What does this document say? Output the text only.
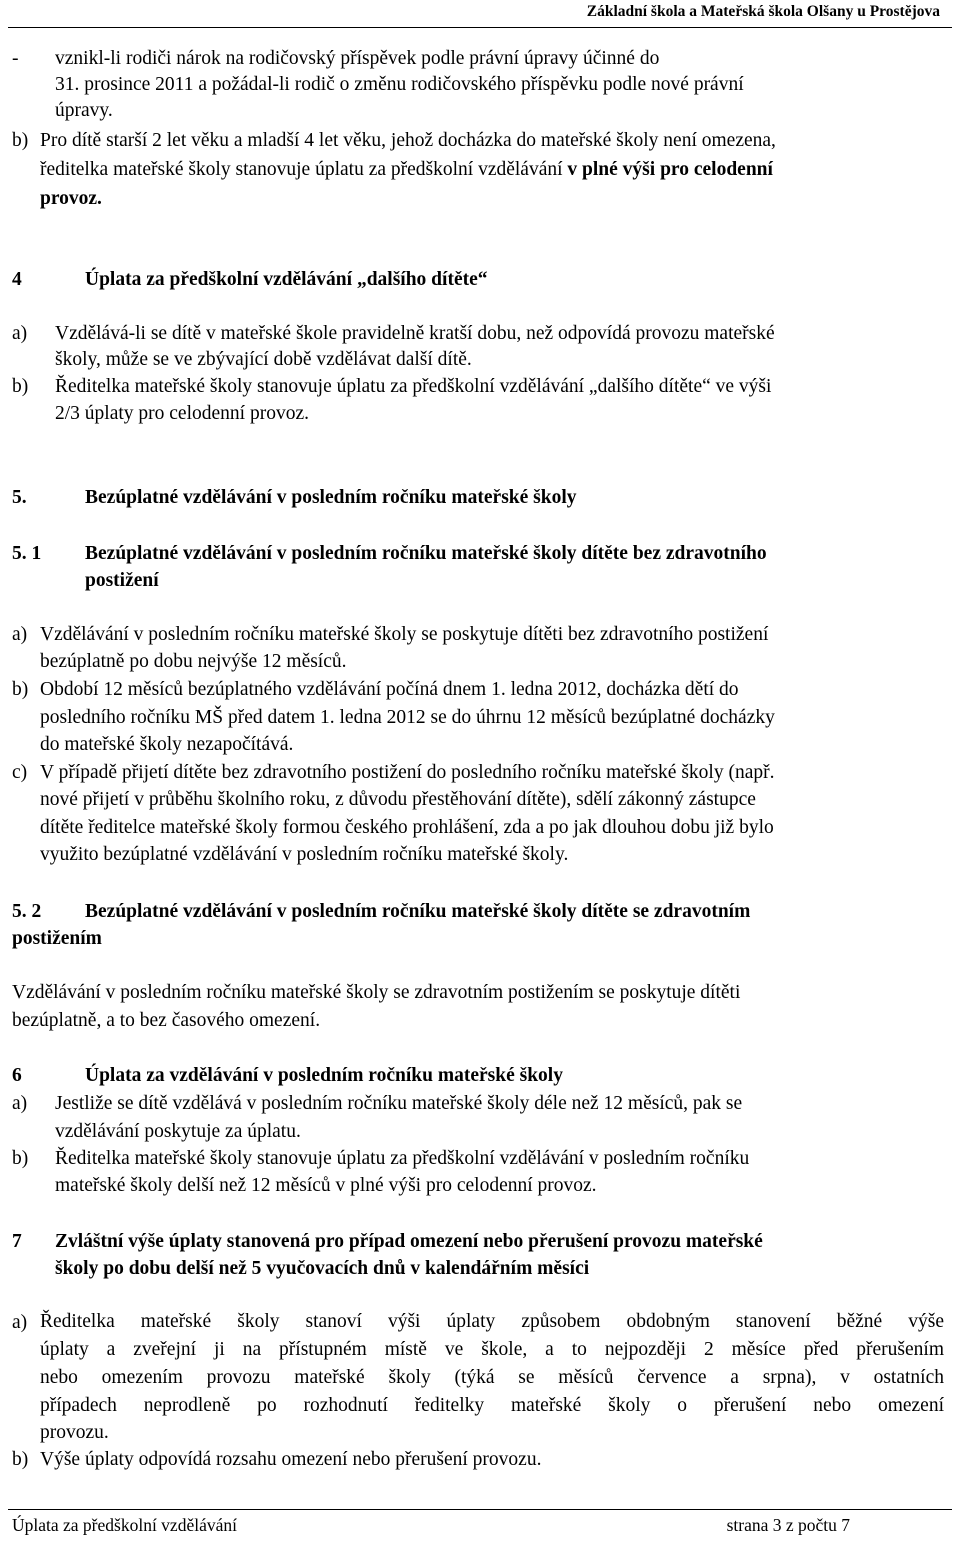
Základní škola a Mateřská škola Olšany u Prostějova
- vznikl-li rodiči nárok na rodičovský příspěvek podle právní úpravy účinné do
31. prosince 2011 a požádal-li rodič o změnu rodičovského příspěvku podle nové právní
úpravy.
b) Pro dítě starší 2 let věku a mladší 4 let věku, jehož docházka do mateřské školy není omezena,
ředitelka mateřské školy stanovuje úplatu za předškolní vzdělávání v plné výši pro celodenní
provoz.
4	Úplata za předškolní vzdělávání „dalšího dítěte“
a) Vzdělává-li se dítě v mateřské škole pravidelně kratší dobu, než odpovídá provozu mateřské
školy, může se ve zbývající době vzdělávat další dítě.
b) Ředitelka mateřské školy stanovuje úplatu za předškolní vzdělávání „dalšího dítěte“ ve výši
2/3 úplaty pro celodenní provoz.
5.	Bezúplatné vzdělávání v posledním ročníku mateřské školy
5. 1 Bezúplatné vzdělávání v posledním ročníku mateřské školy dítěte bez zdravotního
postižení
a) Vzdělávání v posledním ročníku mateřské školy se poskytuje dítěti bez zdravotního postižení
bezúplatně po dobu nejvýše 12 měsíců.
b) Období 12 měsíců bezúplatného vzdělávání počíná dnem 1. ledna 2012, docházka dětí do
posledního ročníku MŠ před datem 1. ledna 2012 se do úhrnu 12 měsíců bezúplatné docházky
do mateřské školy nezapočítává.
c) V případě přijetí dítěte bez zdravotního postižení do posledního ročníku mateřské školy (např.
nové přijetí v průběhu školního roku, z důvodu přestěhování dítěte), sdělí zákonný zástupce
dítěte ředitelce mateřské školy formou českého prohlášení, zda a po jak dlouhou dobu již bylo
využito bezúplatné vzdělávání v posledním ročníku mateřské školy.
5. 2 Bezúplatné vzdělávání v posledním ročníku mateřské školy dítěte se zdravotním
postižením
Vzdělávání v posledním ročníku mateřské školy se zdravotním postižením se poskytuje dítěti
bezúplatně, a to bez časového omezení.
6	Úplata za vzdělávání v posledním ročníku mateřské školy
a) Jestliže se dítě vzdělává v posledním ročníku mateřské školy déle než 12 měsíců, pak se
vzdělávání poskytuje za úplatu.
b) Ředitelka mateřské školy stanovuje úplatu za předškolní vzdělávání v posledním ročníku
mateřské školy delší než 12 měsíců v plné výši pro celodenní provoz.
7 Zvláštní výše úplaty stanovená pro případ omezení nebo přerušení provozu mateřské
školy po dobu delší než 5 vyučovacích dnů v kalendářním měsíci
a) Ředitelka mateřské školy stanoví výši úplaty způsobem obdobným stanovení běžné výše
úplaty a zveřejní ji na přístupném místě ve škole, a to nejpozději 2 měsíce před přerušením
nebo omezením provozu mateřské školy (týká se měsíců července a srpna), v ostatních
případech neprodleně po rozhodnutí ředitelky mateřské školy o přerušení nebo omezení
provozu.
b) Výše úplaty odpovídá rozsahu omezení nebo přerušení provozu.
Úplata za předškolní vzdělávání	strana 3 z počtu 7
